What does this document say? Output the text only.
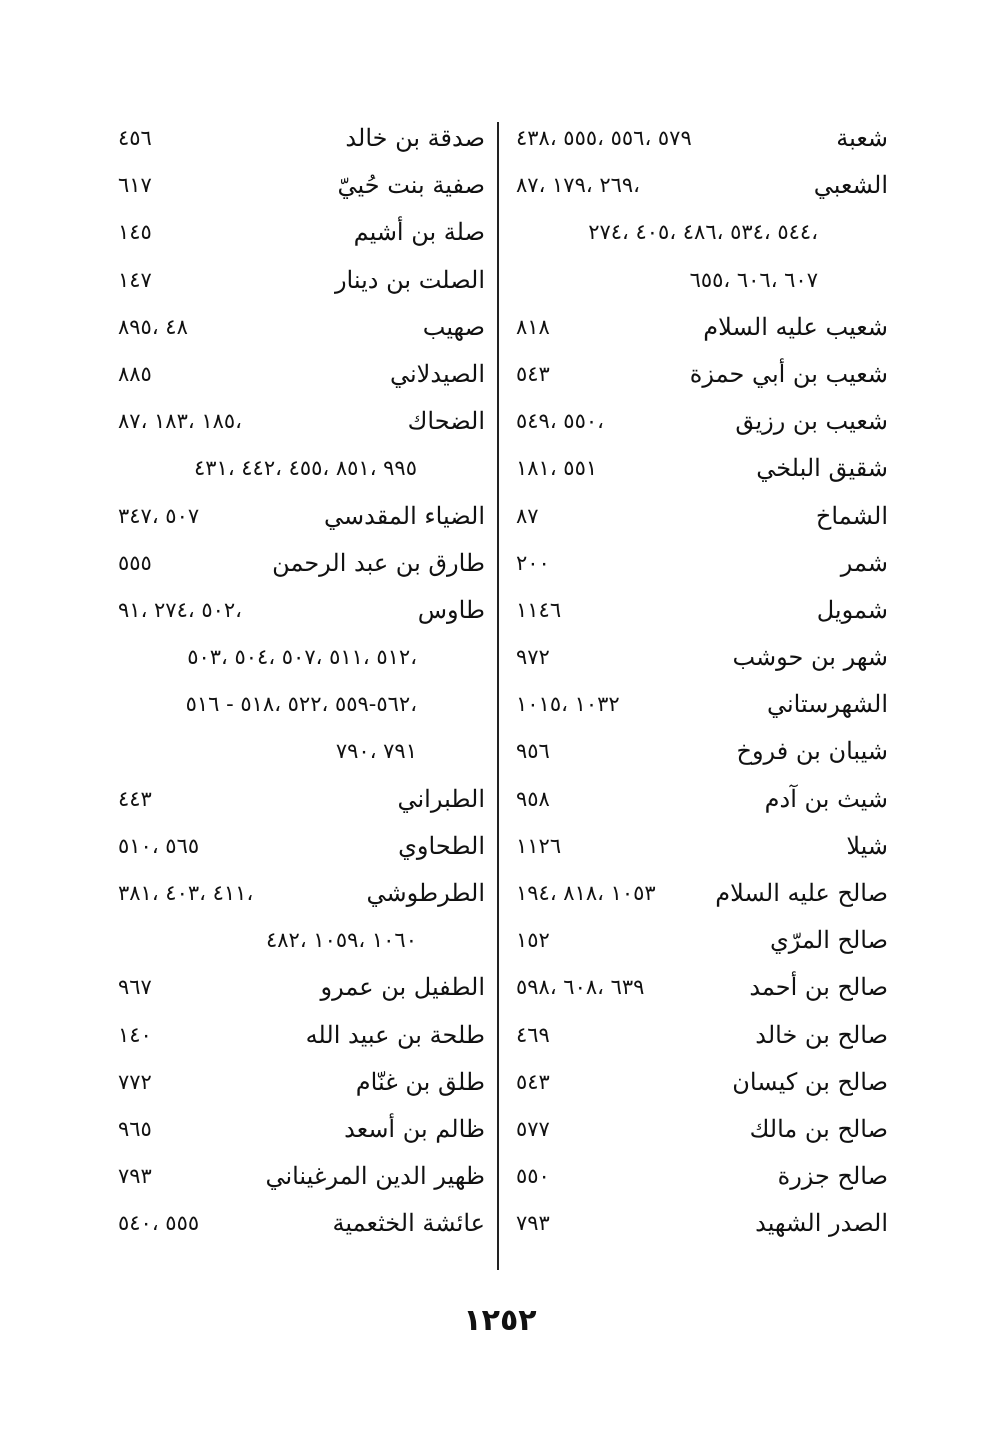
شعبة
٥٧٩ ،٥٥٦ ،٥٥٥ ،٤٣٨
الشعبي
،٢٦٩ ،١٧٩ ،٨٧
،٥٤٤ ،٥٣٤ ،٤٨٦ ،٤٠٥ ،٢٧٤
٦٠٧ ،٦٠٦ ،٦٥٥
شعيب عليه السلام
٨١٨
شعيب بن أبي حمزة
٥٤٣
شعيب بن رزيق
،٥٥٠ ،٥٤٩
شقيق البلخي
٥٥١ ،١٨١
الشماخ
٨٧
شمر
٢٠٠
شمويل
١١٤٦
شهر بن حوشب
٩٧٢
الشهرستاني
١٠٣٢ ،١٠١٥
شيبان بن فروخ
٩٥٦
شيث بن آدم
٩٥٨
شيلا
١١٢٦
صالح عليه السلام
١٠٥٣ ،٨١٨ ،١٩٤
صالح المرّي
١٥٢
صالح بن أحمد
٦٣٩ ،٦٠٨ ،٥٩٨
صالح بن خالد
٤٦٩
صالح بن كيسان
٥٤٣
صالح بن مالك
٥٧٧
صالح جزرة
٥٥٠
الصدر الشهيد
٧٩٣
صدقة بن خالد
٤٥٦
صفية بنت حُييّ
٦١٧
صلة بن أشيم
١٤٥
الصلت بن دينار
١٤٧
صهيب
٤٨ ،٨٩٥
الصيدلاني
٨٨٥
الضحاك
،١٨٥ ،١٨٣ ،٨٧
٩٩٥ ،٨٥١ ،٤٥٥ ،٤٤٢ ،٤٣١
الضياء المقدسي
٥٠٧ ،٣٤٧
طارق بن عبد الرحمن
٥٥٥
طاوس
،٥٠٢ ،٢٧٤ ،٩١
،٥١٢ ،٥١١ ،٥٠٧ ،٥٠٤ ،٥٠٣
،٥٦٢-٥٥٩ ،٥٢٢ ،٥١٨ - ٥١٦
٧٩١ ،٧٩٠
الطبراني
٤٤٣
الطحاوي
٥٦٥ ،٥١٠
الطرطوشي
،٤١١ ،٤٠٣ ،٣٨١
١٠٦٠ ،١٠٥٩ ،٤٨٢
الطفيل بن عمرو
٩٦٧
طلحة بن عبيد الله
١٤٠
طلق بن غنّام
٧٧٢
ظالم بن أسعد
٩٦٥
ظهير الدين المرغيناني
٧٩٣
عائشة الخثعمية
٥٥٥ ،٥٤٠
١٢٥٢
